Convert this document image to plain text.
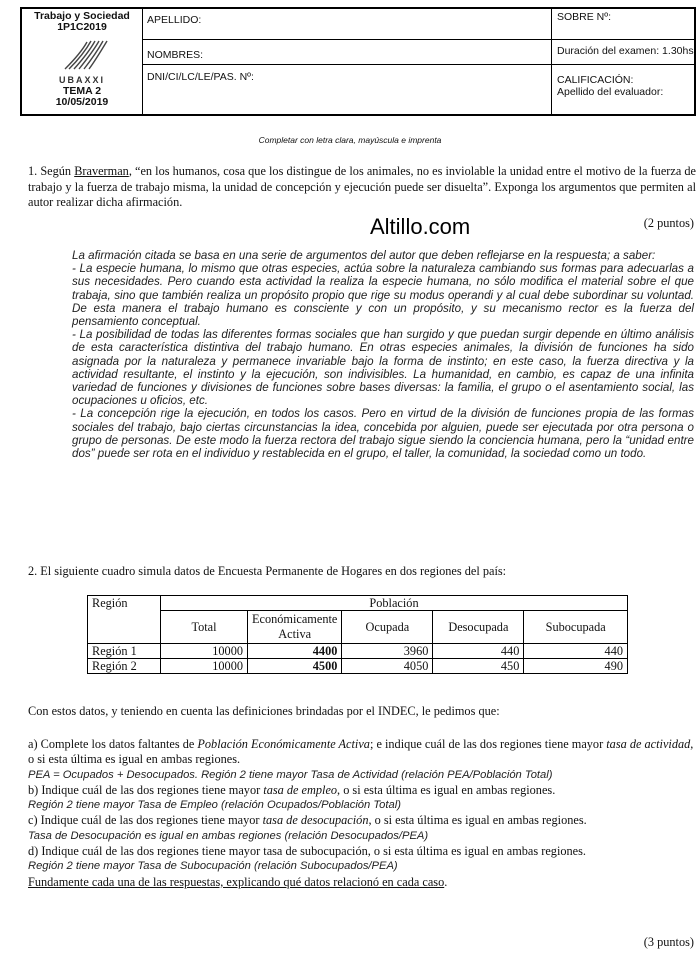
Trabajo y Sociedad
1P1C2019
UBAXXI
TEMA 2
10/05/2019
APELLIDO:
NOMBRES:
DNI/CI/LC/LE/PAS. Nº:
SOBRE Nº:
Duración del examen: 1.30hs
CALIFICACIÓN:
Apellido del evaluador:
Completar con letra clara, mayúscula e imprenta
1. Según Braverman, “en los humanos, cosa que los distingue de los animales, no es inviolable la unidad entre el motivo de la fuerza de trabajo y la fuerza de trabajo misma, la unidad de concepción y ejecución puede ser disuelta”. Exponga los argumentos que permiten al autor realizar dicha afirmación.
Altillo.com	(2 puntos)

La afirmación citada se basa en una serie de argumentos del autor que deben reflejarse en la respuesta; a saber:

- La especie humana, lo mismo que otras especies, actúa sobre la naturaleza cambiando sus formas para adecuarlas a sus necesidades. Pero cuando esta actividad la realiza la especie humana, no sólo modifica el material sobre el que trabaja, sino que también realiza un propósito propio que rige su modus operandi y al cual debe subordinar su voluntad. De esta manera el trabajo humano es consciente y con un propósito, y su mecanismo rector es la fuerza del pensamiento conceptual.

- La posibilidad de todas las diferentes formas sociales que han surgido y que puedan surgir depende en último análisis de esta característica distintiva del trabajo humano. En otras especies animales, la división de funciones ha sido asignada por la naturaleza y permanece invariable bajo la forma de instinto; en este caso, la fuerza directiva y la actividad resultante, el instinto y la ejecución, son indivisibles. La humanidad, en cambio, es capaz de una infinita variedad de funciones y divisiones de funciones sobre bases diversas: la familia, el grupo o el asentamiento social, las ocupaciones u oficios, etc.

- La concepción rige la ejecución, en todos los casos. Pero en virtud de la división de funciones propia de las formas sociales del trabajo, bajo ciertas circunstancias la idea, concebida por alguien, puede ser ejecutada por otra persona o grupo de personas. De este modo la fuerza rectora del trabajo sigue siendo la conciencia humana, pero la “unidad entre dos” puede ser rota en el individuo y restablecida en el grupo, el taller, la comunidad, la sociedad como un todo.

2. El siguiente cuadro simula datos de Encuesta Permanente de Hogares en dos regiones del país:
Región	Población				
	Total	Económicamente Activa	Ocupada	Desocupada	Subocupada
Región 1	10000	4400	3960	440	440
Región 2	10000	4500	4050	450	490
Con estos datos, y teniendo en cuenta las definiciones brindadas por el INDEC, le pedimos que:
a) Complete los datos faltantes de Población Económicamente Activa; e indique cuál de las dos regiones tiene mayor tasa de actividad, o si esta última es igual en ambas regiones.
PEA = Ocupados + Desocupados. Región 2 tiene mayor Tasa de Actividad (relación PEA/Población Total)
b) Indique cuál de las dos regiones tiene mayor tasa de empleo, o si esta última es igual en ambas regiones.
Región 2 tiene mayor Tasa de Empleo (relación Ocupados/Población Total)
c) Indique cuál de las dos regiones tiene mayor tasa de desocupación, o si esta última es igual en ambas regiones.
Tasa de Desocupación es igual en ambas regiones (relación Desocupados/PEA)
d) Indique cuál de las dos regiones tiene mayor tasa de subocupación, o si esta última es igual en ambas regiones.
Región 2 tiene mayor Tasa de Subocupación (relación Subocupados/PEA)
Fundamente cada una de las respuestas, explicando qué datos relacionó en cada caso.
(3 puntos)
